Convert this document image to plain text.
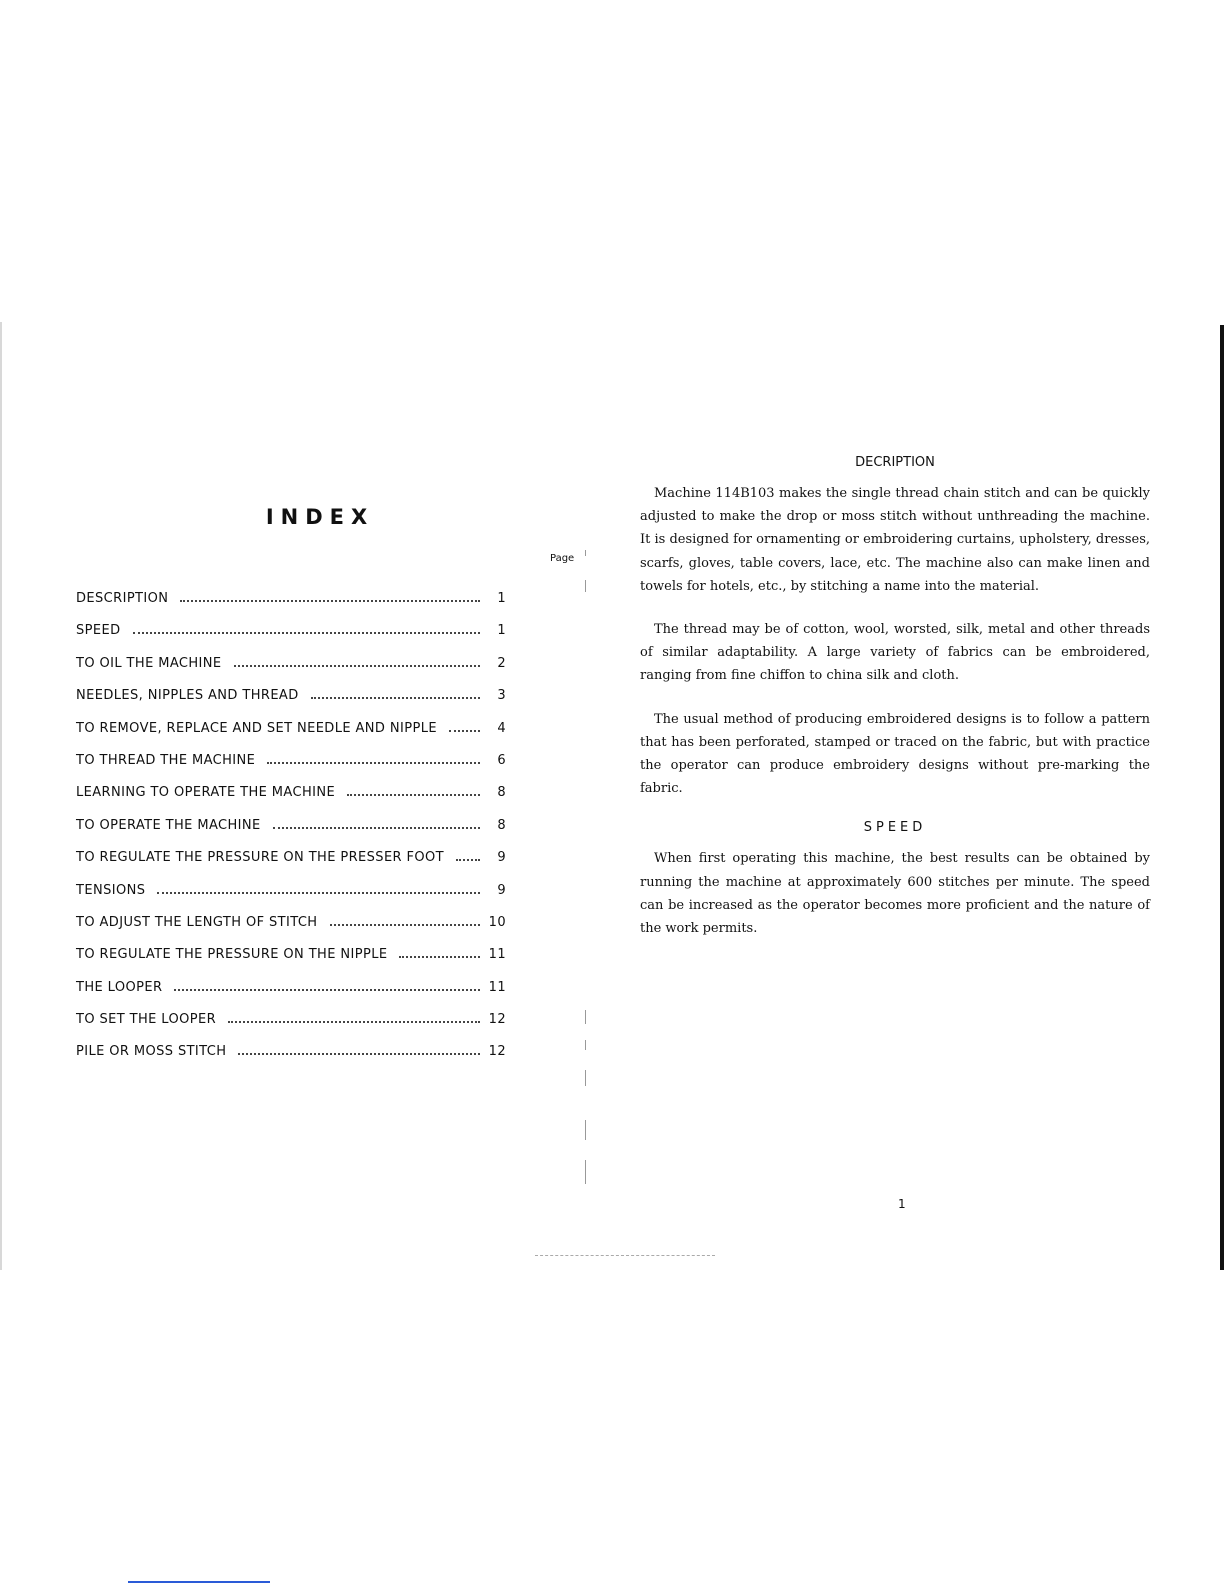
INDEX
Page
DESCRIPTION	1
SPEED	1
TO OIL THE MACHINE	2
NEEDLES, NIPPLES AND THREAD	3
TO REMOVE, REPLACE AND SET NEEDLE AND NIPPLE	4
TO THREAD THE MACHINE	6
LEARNING TO OPERATE THE MACHINE	8
TO OPERATE THE MACHINE	8
TO REGULATE THE PRESSURE ON THE PRESSER FOOT	9
TENSIONS	9
TO ADJUST THE LENGTH OF STITCH	10
TO REGULATE THE PRESSURE ON THE NIPPLE	11
THE LOOPER	11
TO SET THE LOOPER	12
PILE OR MOSS STITCH	12
DECRIPTION

Machine 114B103 makes the single thread chain stitch and can be quickly adjusted to make the drop or moss stitch without unthreading the machine. It is designed for ornamenting or embroidering curtains, upholstery, dresses, scarfs, gloves, table covers, lace, etc. The machine also can make linen and towels for hotels, etc., by stitching a name into the material.

The thread may be of cotton, wool, worsted, silk, metal and other threads of similar adaptability. A large variety of fabrics can be embroidered, ranging from fine chiffon to china silk and cloth.

The usual method of producing embroidered designs is to follow a pattern that has been perforated, stamped or traced on the fabric, but with practice the operator can produce embroidery designs without pre-marking the fabric.

SPEED

When first operating this machine, the best results can be obtained by running the machine at approximately 600 stitches per minute. The speed can be increased as the operator becomes more proficient and the nature of the work permits.

1
